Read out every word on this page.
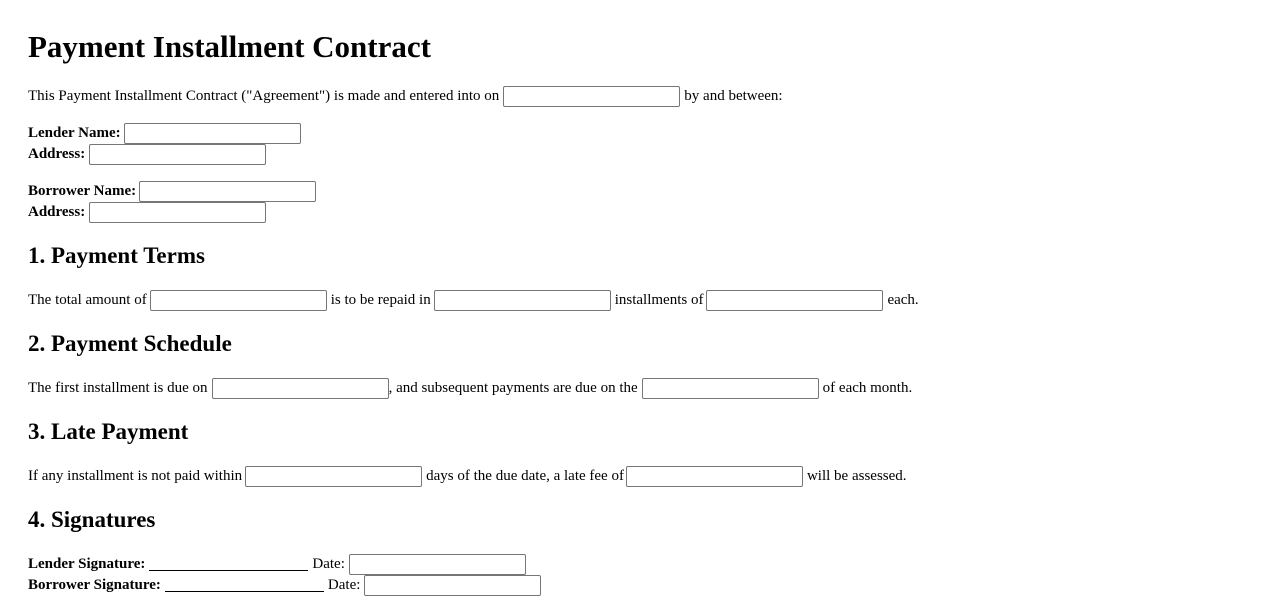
Payment Installment Contract
This Payment Installment Contract ("Agreement") is made and entered into on	by and between:
Lender Name:
Address:
Borrower Name:
Address:
1. Payment Terms
The total amount of	is to be repaid in	installments of	each.
2. Payment Schedule
The first installment is due on	, and subsequent payments are due on the	of each month.
3. Late Payment
If any installment is not paid within	days of the due date, a late fee of	will be assessed.
4. Signatures
Lender Signature:	Date:
Borrower Signature:	Date:
